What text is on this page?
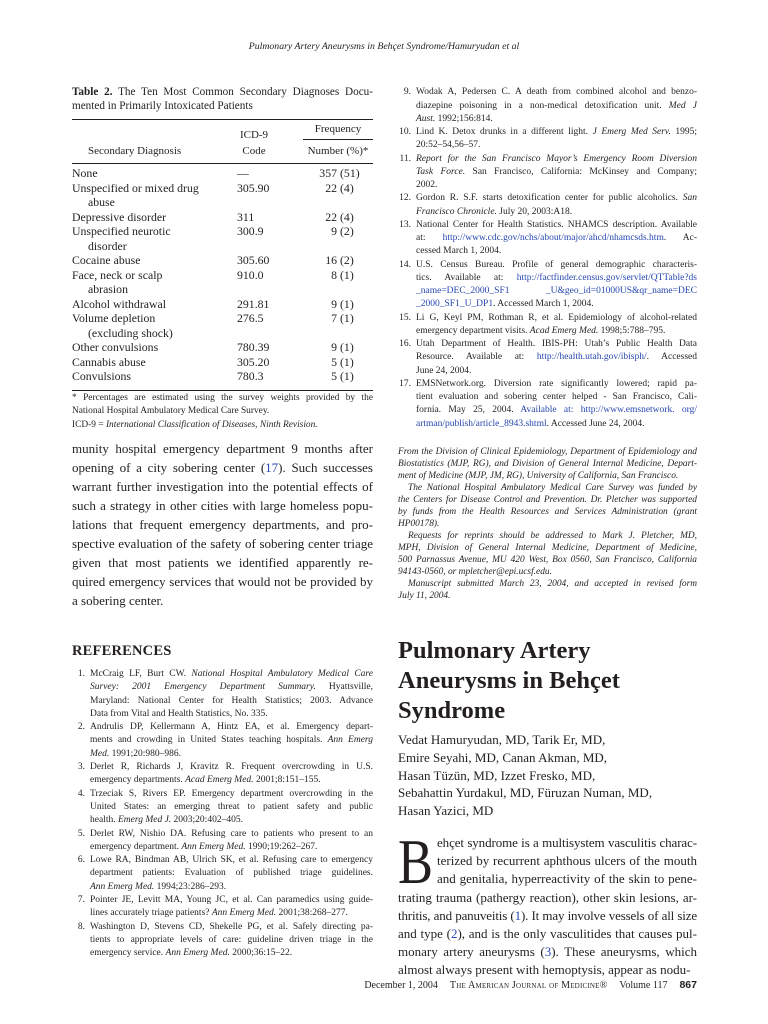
Pulmonary Artery Aneurysms in Behçet Syndrome/Hamuryudan et al
Table 2. The Ten Most Common Secondary Diagnoses Docu-
mented in Primarily Intoxicated Patients
Frequency
ICD-9
Secondary Diagnosis	Code	Number (%)*
None	—	357 (51)
Unspecified or mixed drug
abuse
305.90	22 (4)
Depressive disorder	311	22 (4)
Unspecified neurotic
disorder
300.9	9 (2)
Cocaine abuse	305.60	16 (2)
Face, neck or scalp
abrasion
910.0	8 (1)
Alcohol withdrawal	291.81	9 (1)
Volume depletion
(excluding shock)
276.5	7 (1)
Other convulsions	780.39	9 (1)
Cannabis abuse	305.20	5 (1)
Convulsions	780.3	5 (1)
* Percentages are estimated using the survey weights provided by the
National Hospital Ambulatory Medical Care Survey.
ICD-9 = International Classification of Diseases, Ninth Revision.
munity hospital emergency department 9 months after
opening of a city sobering center (17). Such successes
warrant further investigation into the potential effects of
such a strategy in other cities with large homeless popu-
lations that frequent emergency departments, and pro-
spective evaluation of the safety of sobering center triage
given that most patients we identified apparently re-
quired emergency services that would not be provided by
a sobering center.
REFERENCES
1. McCraig LF, Burt CW. National Hospital Ambulatory Medical Care
Survey: 2001 Emergency Department Summary. Hyattsville,
Maryland: National Center for Health Statistics; 2003. Advance
Data from Vital and Health Statistics, No. 335.
2. Andrulis DP, Kellermann A, Hintz EA, et al. Emergency depart-
ments and crowding in United States teaching hospitals. Ann Emerg
Med. 1991;20:980–986.
3. Derlet R, Richards J, Kravitz R. Frequent overcrowding in U.S.
emergency departments. Acad Emerg Med. 2001;8:151–155.
4. Trzeciak S, Rivers EP. Emergency department overcrowding in the
United States: an emerging threat to patient safety and public
health. Emerg Med J. 2003;20:402–405.
5. Derlet RW, Nishio DA. Refusing care to patients who present to an
emergency department. Ann Emerg Med. 1990;19:262–267.
6. Lowe RA, Bindman AB, Ulrich SK, et al. Refusing care to emergency
department patients: Evaluation of published triage guidelines.
Ann Emerg Med. 1994;23:286–293.
7. Pointer JE, Levitt MA, Young JC, et al. Can paramedics using guide-
lines accurately triage patients? Ann Emerg Med. 2001;38:268–277.
8. Washington D, Stevens CD, Shekelle PG, et al. Safely directing pa-
tients to appropriate levels of care: guideline driven triage in the
emergency service. Ann Emerg Med. 2000;36:15–22.
9. Wodak A, Pedersen C. A death from combined alcohol and benzo-
diazepine poisoning in a non-medical detoxification unit. Med J
Aust. 1992;156:814.
10. Lind K. Detox drunks in a different light. J Emerg Med Serv. 1995;
20:52–54,56–57.
11. Report for the San Francisco Mayor’s Emergency Room Diversion
Task Force. San Francisco, California: McKinsey and Company;
2002.
12. Gordon R. S.F. starts detoxification center for public alcoholics. San
Francisco Chronicle. July 20, 2003:A18.
13. National Center for Health Statistics. NHAMCS description. Available
at: http://www.cdc.gov/nchs/about/major/ahcd/nhamcsds.htm. Ac-
cessed March 1, 2004.
14. U.S. Census Bureau. Profile of general demographic characteris-
tics. Available at: http://factfinder.census.gov/servlet/QTTable?ds
_name=DEC_2000_SF1 _U&geo_id=01000US&qr_name=DEC
_2000_SF1_U_DP1. Accessed March 1, 2004.
15. Li G, Keyl PM, Rothman R, et al. Epidemiology of alcohol-related
emergency department visits. Acad Emerg Med. 1998;5:788–795.
16. Utah Department of Health. IBIS-PH: Utah’s Public Health Data
Resource. Available at: http://health.utah.gov/ibisph/. Accessed
June 24, 2004.
17. EMSNetwork.org. Diversion rate significantly lowered; rapid pa-
tient evaluation and sobering center helped - San Francisco, Cali-
fornia. May 25, 2004. Available at: http://www.emsnetwork. org/
artman/publish/article_8943.shtml. Accessed June 24, 2004.
From the Division of Clinical Epidemiology, Department of Epidemiology and
Biostatistics (MJP, RG), and Division of General Internal Medicine, Depart-
ment of Medicine (MJP, JM, RG), University of California, San Francisco.
The National Hospital Ambulatory Medical Care Survey was funded by
the Centers for Disease Control and Prevention. Dr. Pletcher was supported
by funds from the Health Resources and Services Administration (grant
HP00178).
Requests for reprints should be addressed to Mark J. Pletcher, MD,
MPH, Division of General Internal Medicine, Department of Medicine,
500 Parnassus Avenue, MU 420 West, Box 0560, San Francisco, California
94143-0560, or mpletcher@epi.ucsf.edu.
Manuscript submitted March 23, 2004, and accepted in revised form
July 11, 2004.
Pulmonary Artery
Aneurysms in Behçet
Syndrome
Vedat Hamuryudan, MD, Tarik Er, MD,
Emire Seyahi, MD, Canan Akman, MD,
Hasan Tüzün, MD, Izzet Fresko, MD,
Sebahattin Yurdakul, MD, Füruzan Numan, MD,
Hasan Yazici, MD
B ehçet syndrome is a multisystem vasculitis charac-
terized by recurrent aphthous ulcers of the mouth
and genitalia, hyperreactivity of the skin to pene-
trating trauma (pathergy reaction), other skin lesions, ar-
thritis, and panuveitis (1). It may involve vessels of all size
and type (2), and is the only vasculitides that causes pul-
monary artery aneurysms (3). These aneurysms, which
almost always present with hemoptysis, appear as nodu-
December 1, 2004 The American Journal of Medicine® Volume 117 867
